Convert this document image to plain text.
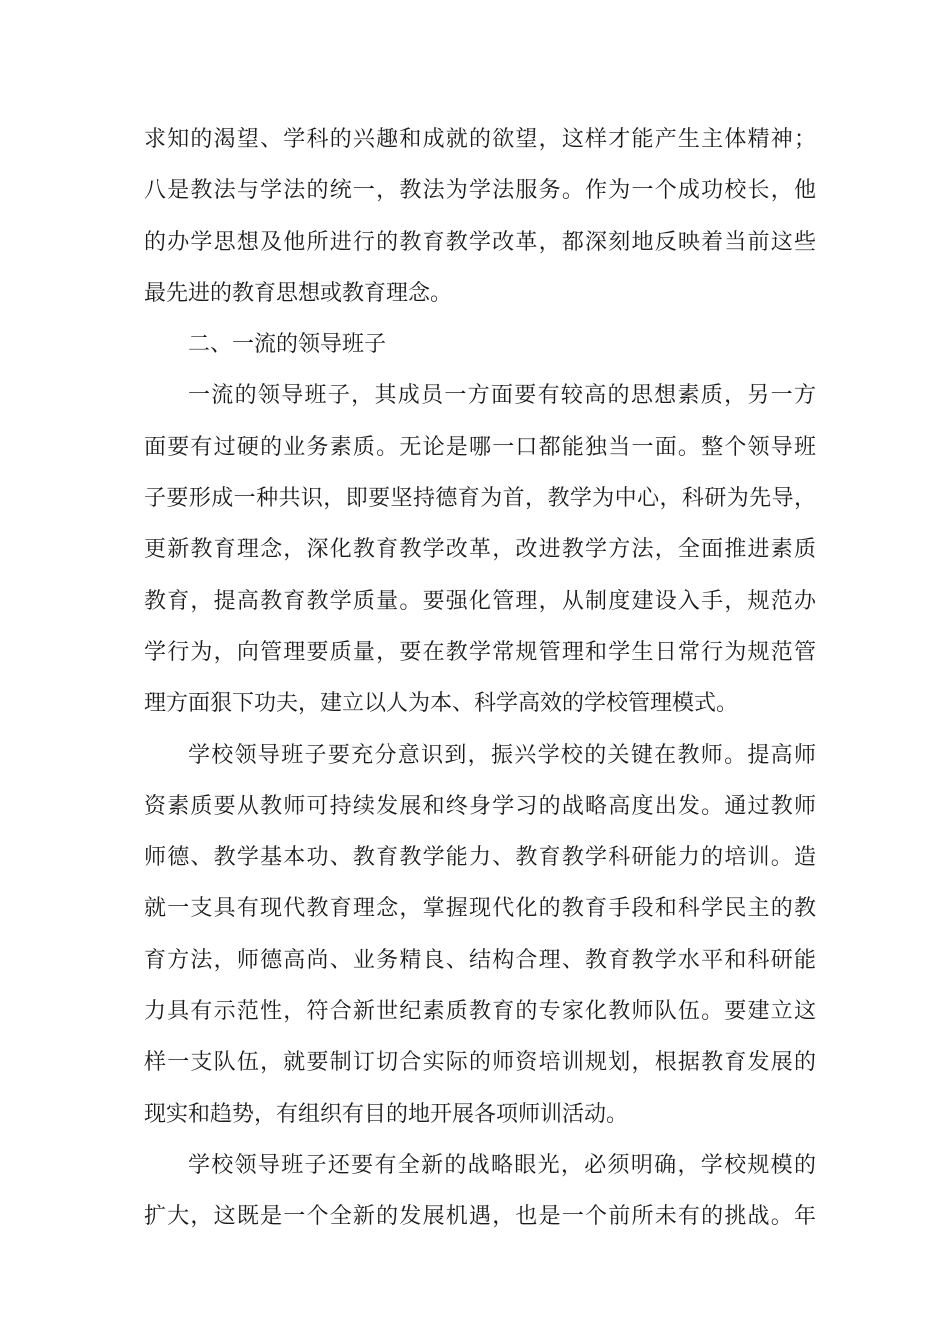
求知的渴望、学科的兴趣和成就的欲望，这样才能产生主体精神；
八是教法与学法的统一，教法为学法服务。作为一个成功校长，他
的办学思想及他所进行的教育教学改革，都深刻地反映着当前这些
最先进的教育思想或教育理念。
二、一流的领导班子
一流的领导班子，其成员一方面要有较高的思想素质，另一方
面要有过硬的业务素质。无论是哪一口都能独当一面。整个领导班
子要形成一种共识，即要坚持德育为首，教学为中心，科研为先导，
更新教育理念，深化教育教学改革，改进教学方法，全面推进素质
教育，提高教育教学质量。要强化管理，从制度建设入手，规范办
学行为，向管理要质量，要在教学常规管理和学生日常行为规范管
理方面狠下功夫，建立以人为本、科学高效的学校管理模式。
学校领导班子要充分意识到，振兴学校的关键在教师。提高师
资素质要从教师可持续发展和终身学习的战略高度出发。通过教师
师德、教学基本功、教育教学能力、教育教学科研能力的培训。造
就一支具有现代教育理念，掌握现代化的教育手段和科学民主的教
育方法，师德高尚、业务精良、结构合理、教育教学水平和科研能
力具有示范性，符合新世纪素质教育的专家化教师队伍。要建立这
样一支队伍，就要制订切合实际的师资培训规划，根据教育发展的
现实和趋势，有组织有目的地开展各项师训活动。
学校领导班子还要有全新的战略眼光，必须明确，学校规模的
扩大，这既是一个全新的发展机遇，也是一个前所未有的挑战。年
